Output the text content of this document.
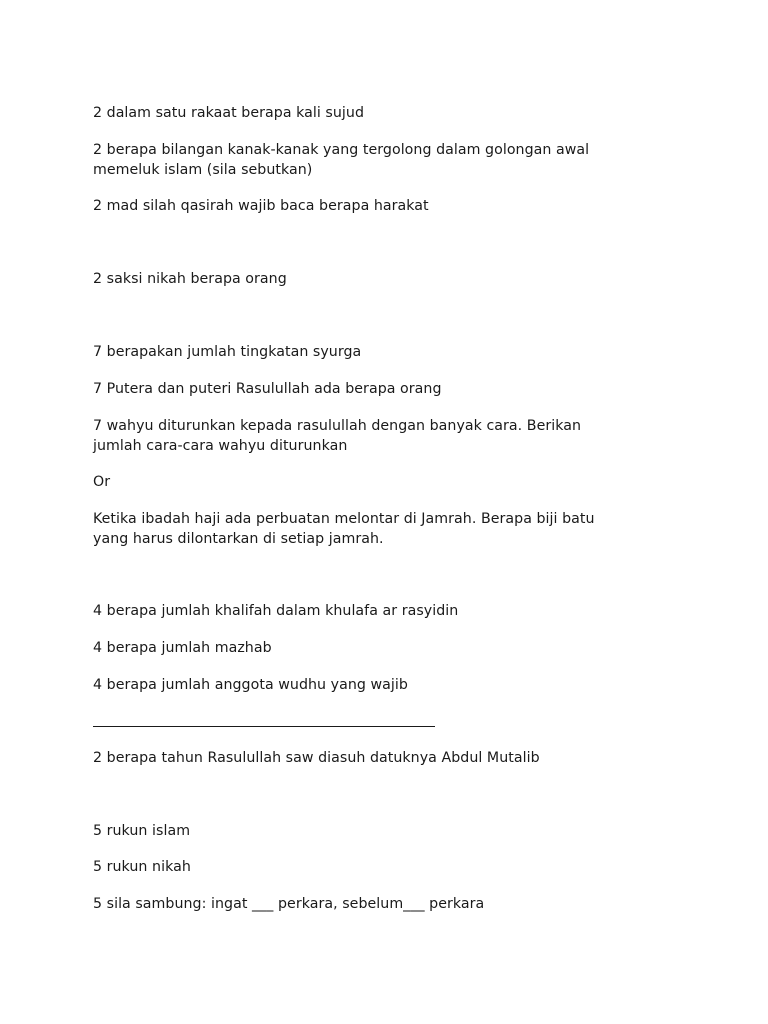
2 dalam satu rakaat berapa kali sujud
2 berapa bilangan kanak-kanak yang tergolong dalam golongan awal
memeluk islam (sila sebutkan)
2 mad silah qasirah wajib baca berapa harakat
2 saksi nikah berapa orang
7 berapakan jumlah tingkatan syurga
7 Putera dan puteri Rasulullah ada berapa orang
7 wahyu diturunkan kepada rasulullah dengan banyak cara. Berikan
jumlah cara-cara wahyu diturunkan
Or
Ketika ibadah haji ada perbuatan melontar di Jamrah. Berapa biji batu
yang harus dilontarkan di setiap jamrah.
4 berapa jumlah khalifah dalam khulafa ar rasyidin
4 berapa jumlah mazhab
4 berapa jumlah anggota wudhu yang wajib
2 berapa tahun Rasulullah saw diasuh datuknya Abdul Mutalib
5 rukun islam
5 rukun nikah
5 sila sambung: ingat ___ perkara, sebelum___ perkara
